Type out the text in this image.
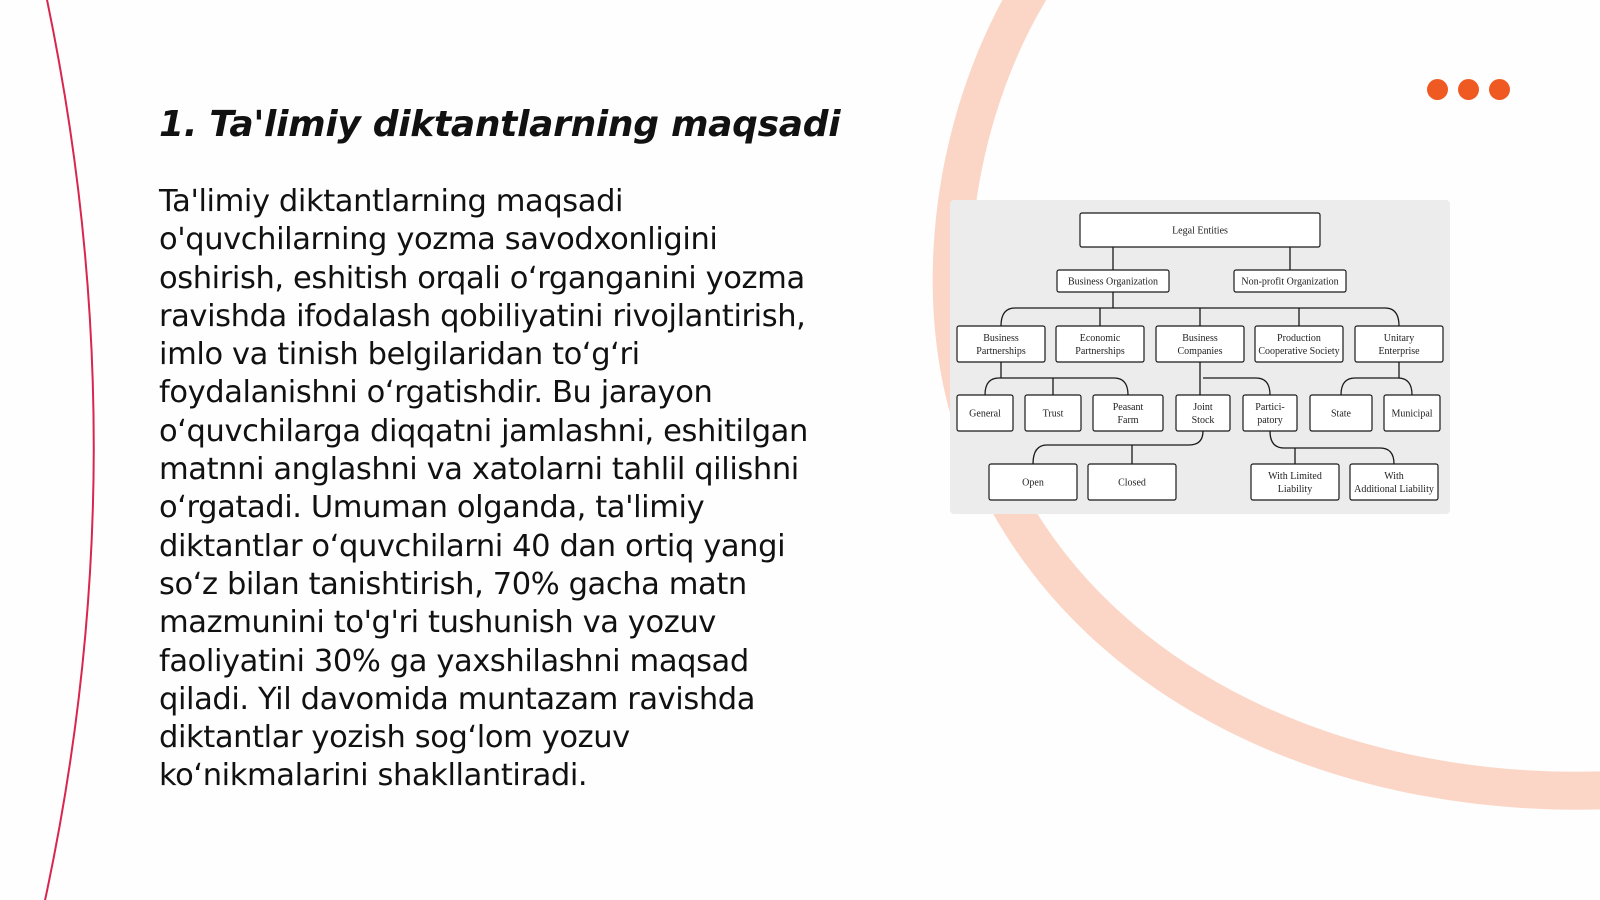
1. Ta'limiy diktantlarning maqsadi

Ta'limiy diktantlarning maqsadi o'quvchilarning yozma savodxonligini oshirish, eshitish orqali o‘rganganini yozma ravishda ifodalash qobiliyatini rivojlantirish, imlo va tinish belgilaridan to‘g‘ri foydalanishni o‘rgatishdir. Bu jarayon o‘quvchilarga diqqatni jamlashni, eshitilgan matnni anglashni va xatolarni tahlil qilishni o‘rgatadi. Umuman olganda, ta'limiy diktantlar o‘quvchilarni 40 dan ortiq yangi so‘z bilan tanishtirish, 70% gacha matn mazmunini to'g'ri tushunish va yozuv faoliyatini 30% ga yaxshilashni maqsad qiladi. Yil davomida muntazam ravishda diktantlar yozish sog‘lom yozuv ko‘nikmalarini shakllantiradi.

Legal Entities
Business Organization	Non-profit Organization
Business
Partnerships
Economic
Partnerships
Business
Companies
Production
Cooperative Society
Unitary
Enterprise
General	Trust
Peasant
Farm
Joint
Stock
Partici-
patory
State	Municipal
Open	Closed
With Limited
Liability
With
Additional Liability
